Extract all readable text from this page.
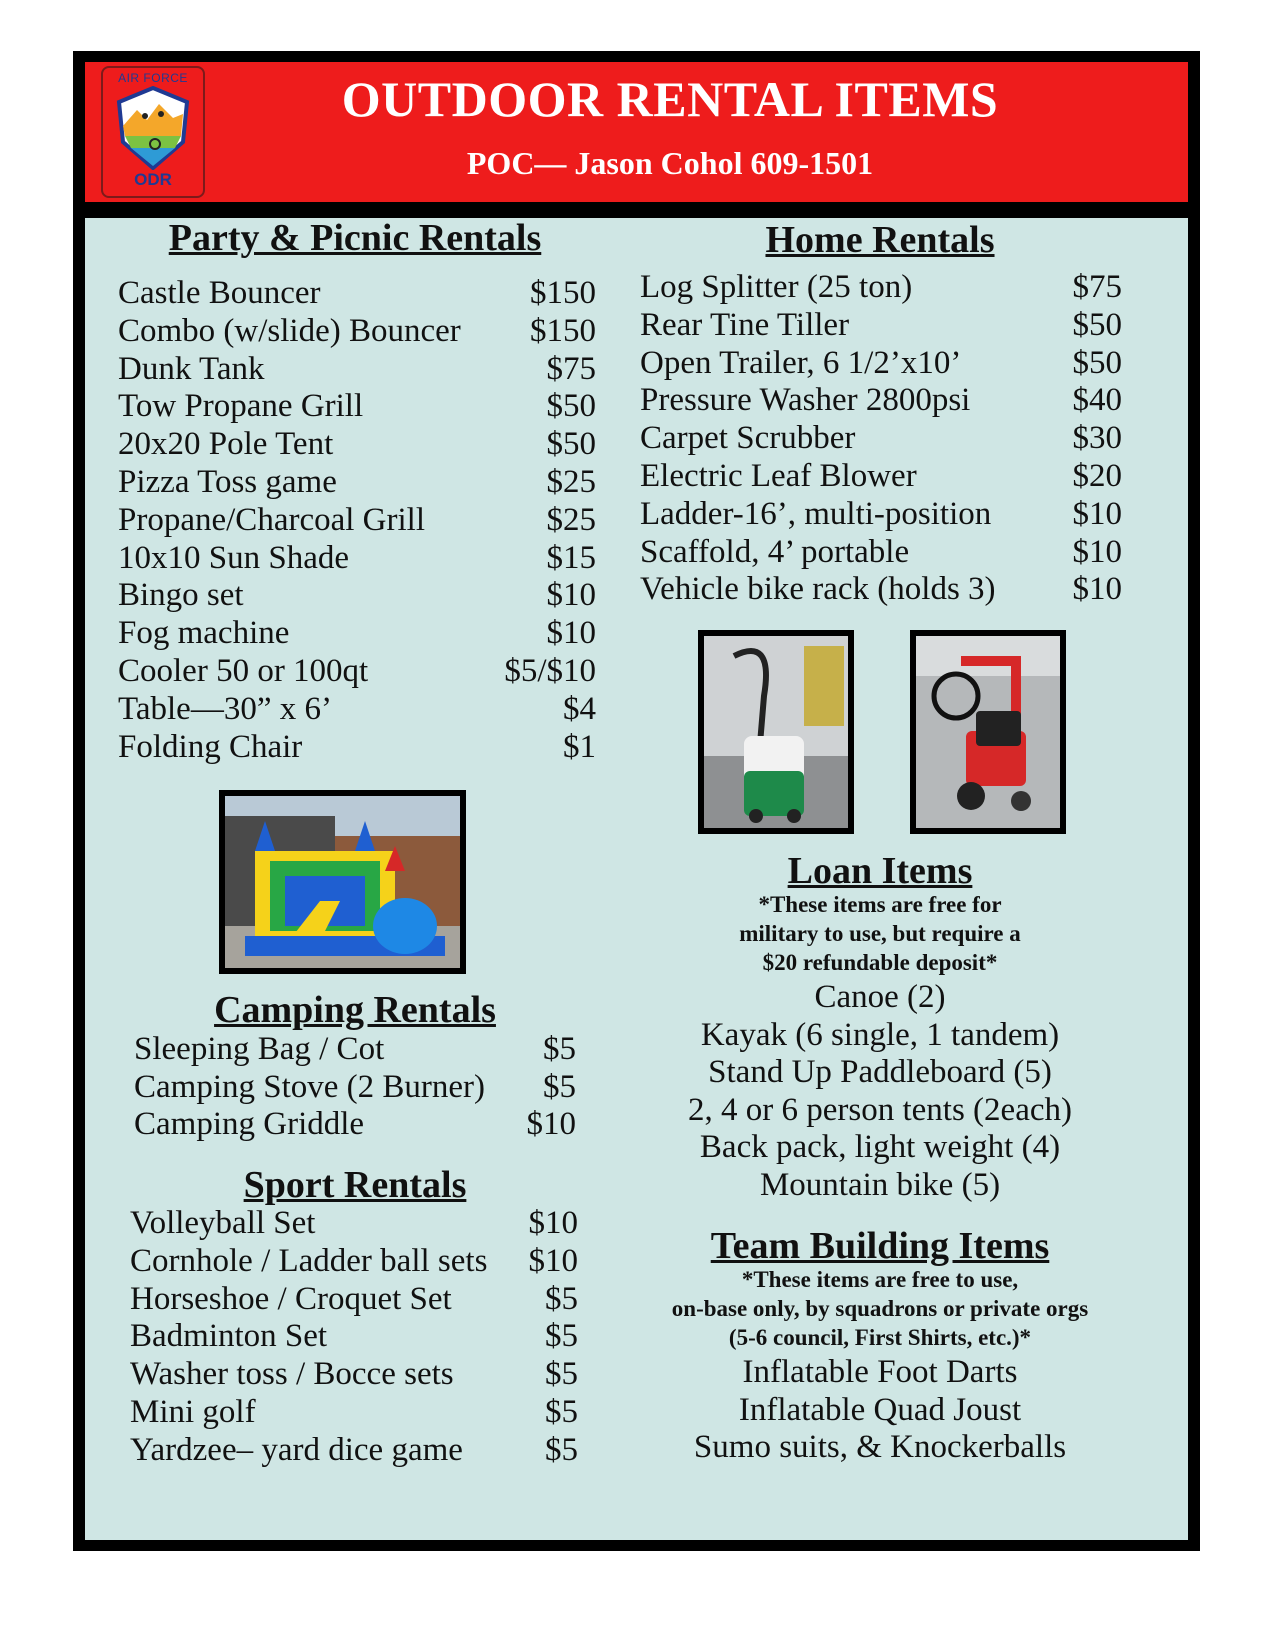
AIR FORCE
ODR
OUTDOOR RENTAL ITEMS
POC— Jason Cohol 609-1501
Party & Picnic Rentals
Castle Bouncer	$150
Combo (w/slide) Bouncer $150
Dunk Tank	$75
Tow Propane Grill	$50
20x20 Pole Tent	$50
Pizza Toss game	$25
Propane/Charcoal Grill	$25
10x10 Sun Shade	$15
Bingo set	$10
Fog machine	$10
Cooler 50 or 100qt	$5/$10
Table—30” x 6’	$4
Folding Chair	$1
Home Rentals
Log Splitter (25 ton)	$75
Rear Tine Tiller	$50
Open Trailer, 6 1/2’x10’	$50
Pressure Washer 2800psi	$40
Carpet Scrubber	$30
Electric Leaf Blower	$20
Ladder-16’, multi-position $10
Scaffold, 4’ portable	$10
Vehicle bike rack (holds 3) $10
Camping Rentals
Sleeping Bag / Cot	$5
Camping Stove (2 Burner) $5
Camping Griddle	$10
Sport Rentals
Volleyball Set	$10
Cornhole / Ladder ball sets $10
Horseshoe / Croquet Set	$5
Badminton Set	$5
Washer toss / Bocce sets	$5
Mini golf	$5
Yardzee– yard dice game $5
Loan Items
*These items are free for
military to use, but require a
$20 refundable deposit*
Canoe (2)
Kayak (6 single, 1 tandem)
Stand Up Paddleboard (5)
2, 4 or 6 person tents (2each)
Back pack, light weight (4)
Mountain bike (5)
Team Building Items
*These items are free to use,
on-base only, by squadrons or private orgs
(5-6 council, First Shirts, etc.)*
Inflatable Foot Darts
Inflatable Quad Joust
Sumo suits, & Knockerballs
